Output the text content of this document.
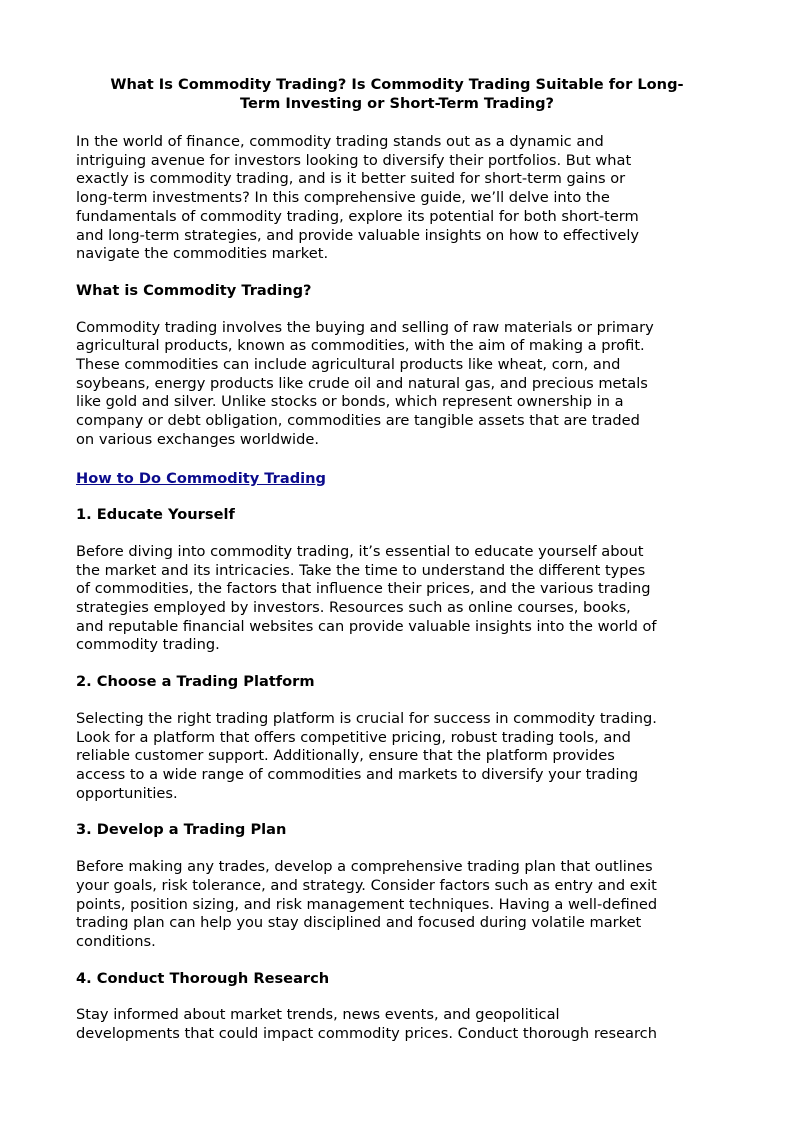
What Is Commodity Trading? Is Commodity Trading Suitable for Long-
Term Investing or Short-Term Trading?

In the world of finance, commodity trading stands out as a dynamic and
intriguing avenue for investors looking to diversify their portfolios. But what
exactly is commodity trading, and is it better suited for short-term gains or
long-term investments? In this comprehensive guide, we’ll delve into the
fundamentals of commodity trading, explore its potential for both short-term
and long-term strategies, and provide valuable insights on how to effectively
navigate the commodities market.

What is Commodity Trading?

Commodity trading involves the buying and selling of raw materials or primary
agricultural products, known as commodities, with the aim of making a profit.
These commodities can include agricultural products like wheat, corn, and
soybeans, energy products like crude oil and natural gas, and precious metals
like gold and silver. Unlike stocks or bonds, which represent ownership in a
company or debt obligation, commodities are tangible assets that are traded
on various exchanges worldwide.

How to Do Commodity Trading
1. Educate Yourself

Before diving into commodity trading, it’s essential to educate yourself about
the market and its intricacies. Take the time to understand the different types
of commodities, the factors that influence their prices, and the various trading
strategies employed by investors. Resources such as online courses, books,
and reputable financial websites can provide valuable insights into the world of
commodity trading.

2. Choose a Trading Platform

Selecting the right trading platform is crucial for success in commodity trading.
Look for a platform that offers competitive pricing, robust trading tools, and
reliable customer support. Additionally, ensure that the platform provides
access to a wide range of commodities and markets to diversify your trading
opportunities.

3. Develop a Trading Plan

Before making any trades, develop a comprehensive trading plan that outlines
your goals, risk tolerance, and strategy. Consider factors such as entry and exit
points, position sizing, and risk management techniques. Having a well-defined
trading plan can help you stay disciplined and focused during volatile market
conditions.

4. Conduct Thorough Research

Stay informed about market trends, news events, and geopolitical
developments that could impact commodity prices. Conduct thorough research
